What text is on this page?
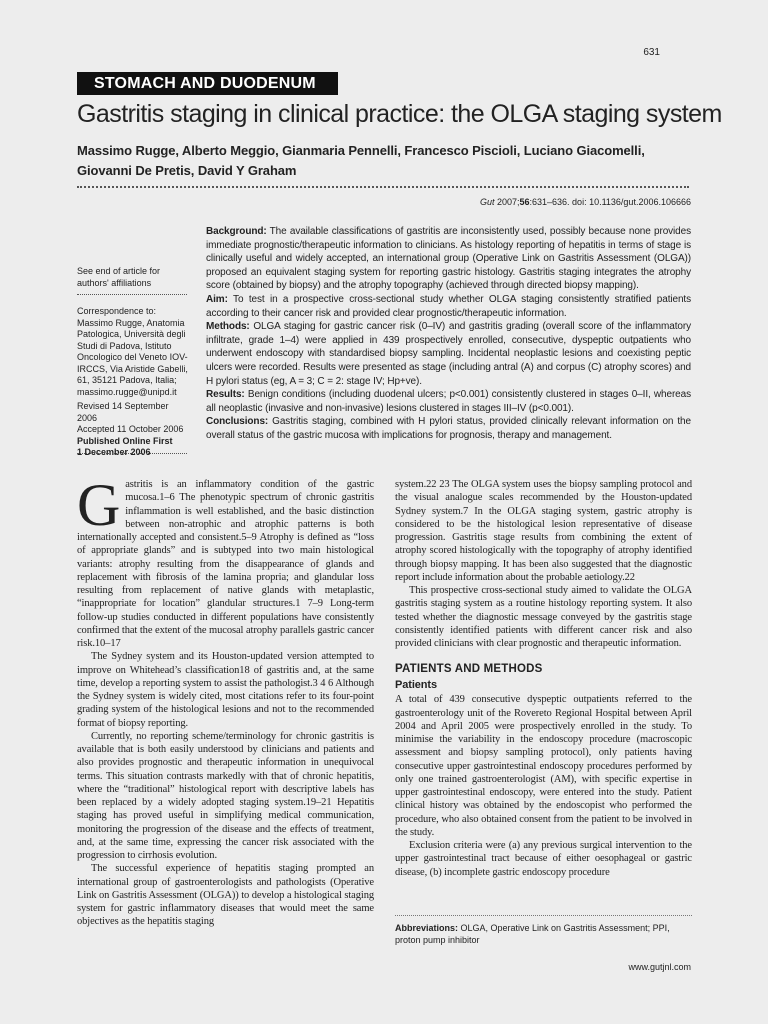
631
STOMACH AND DUODENUM
Gastritis staging in clinical practice: the OLGA staging system
Massimo Rugge, Alberto Meggio, Gianmaria Pennelli, Francesco Piscioli, Luciano Giacomelli,
Giovanni De Pretis, David Y Graham
Gut 2007;56:631–636. doi: 10.1136/gut.2006.106666
See end of article for authors' affiliations
Correspondence to:
Massimo Rugge, Anatomia Patologica, Università degli Studi di Padova, Istituto Oncologico del Veneto IOV-IRCCS, Via Aristide Gabelli, 61, 35121 Padova, Italia; massimo.rugge@unipd.it
Revised 14 September 2006
Accepted 11 October 2006
Published Online First
1 December 2006

Background: The available classifications of gastritis are inconsistently used, possibly because none provides immediate prognostic/therapeutic information to clinicians. As histology reporting of hepatitis in terms of stage is clinically useful and widely accepted, an international group (Operative Link on Gastritis Assessment (OLGA)) proposed an equivalent staging system for reporting gastric histology. Gastritis staging integrates the atrophy score (obtained by biopsy) and the atrophy topography (achieved through directed biopsy mapping).

Aim: To test in a prospective cross-sectional study whether OLGA staging consistently stratified patients according to their cancer risk and provided clear prognostic/therapeutic information.

Methods: OLGA staging for gastric cancer risk (0–IV) and gastritis grading (overall score of the inflammatory infiltrate, grade 1–4) were applied in 439 prospectively enrolled, consecutive, dyspeptic outpatients who underwent endoscopy with standardised biopsy sampling. Incidental neoplastic lesions and coexisting peptic ulcers were recorded. Results were presented as stage (including antral (A) and corpus (C) atrophy scores) and H pylori status (eg, A = 3; C = 2: stage IV; Hp+ve).

Results: Benign conditions (including duodenal ulcers; p<0.001) consistently clustered in stages 0–II, whereas all neoplastic (invasive and non-invasive) lesions clustered in stages III–IV (p<0.001).

Conclusions: Gastritis staging, combined with H pylori status, provided clinically relevant information on the overall status of the gastric mucosa with implications for prognosis, therapy and management.

Gastritis is an inflammatory condition of the gastric mucosa.1–6 The phenotypic spectrum of chronic gastritis inflammation is well established, and the basic distinction between non-atrophic and atrophic patterns is both internationally accepted and consistent.5–9 Atrophy is defined as “loss of appropriate glands” and is subtyped into two main histological variants: atrophy resulting from the disappearance of glands and replacement with fibrosis of the lamina propria; and glandular loss resulting from replacement of native glands with metaplastic, “inappropriate for location” glandular structures.1 7–9 Long-term follow-up studies conducted in different populations have consistently confirmed that the extent of the mucosal atrophy parallels gastric cancer risk.10–17

The Sydney system and its Houston-updated version attempted to improve on Whitehead’s classification18 of gastritis and, at the same time, develop a reporting system to assist the pathologist.3 4 6 Although the Sydney system is widely cited, most citations refer to its four-point grading system of the histological lesions and not to the recommended format of biopsy reporting.

Currently, no reporting scheme/terminology for chronic gastritis is available that is both easily understood by clinicians and patients and also provides prognostic and therapeutic information in unequivocal terms. This situation contrasts markedly with that of chronic hepatitis, where the “traditional” histological report with descriptive labels has been replaced by a widely adopted staging system.19–21 Hepatitis staging has proved useful in simplifying medical communication, monitoring the progression of the disease and the effects of treatment, and, at the same time, expressing the cancer risk associated with the progression to cirrhosis evolution.

The successful experience of hepatitis staging prompted an international group of gastroenterologists and pathologists (Operative Link on Gastritis Assessment (OLGA)) to develop a histological staging system for gastric inflammatory diseases that would meet the same objectives as the hepatitis staging

system.22 23 The OLGA system uses the biopsy sampling protocol and the visual analogue scales recommended by the Houston-updated Sydney system.7 In the OLGA staging system, gastric atrophy is considered to be the histological lesion representative of disease progression. Gastritis stage results from combining the extent of atrophy scored histologically with the topography of atrophy identified through biopsy mapping. It has been also suggested that the diagnostic report include information about the probable aetiology.22

This prospective cross-sectional study aimed to validate the OLGA gastritis staging system as a routine histology reporting system. It also tested whether the diagnostic message conveyed by the gastritis stage consistently identified patients with different cancer risk and also provided clinicians with clear prognostic and therapeutic information.

PATIENTS AND METHODS
Patients

A total of 439 consecutive dyspeptic outpatients referred to the gastroenterology unit of the Rovereto Regional Hospital between April 2004 and April 2005 were prospectively enrolled in the study. To minimise the variability in the endoscopy procedure (macroscopic assessment and biopsy sampling protocol), only patients having consecutive upper gastrointestinal endoscopy procedures performed by only one trained gastroenterologist (AM), with specific expertise in upper gastrointestinal endoscopy, were entered into the study. Patient clinical history was obtained by the endoscopist who performed the procedure, who also obtained consent from the patient to be involved in the study.

Exclusion criteria were (a) any previous surgical intervention to the upper gastrointestinal tract because of either oesophageal or gastric disease, (b) incomplete gastric endoscopy procedure

Abbreviations: OLGA, Operative Link on Gastritis Assessment; PPI, proton pump inhibitor
www.gutjnl.com
